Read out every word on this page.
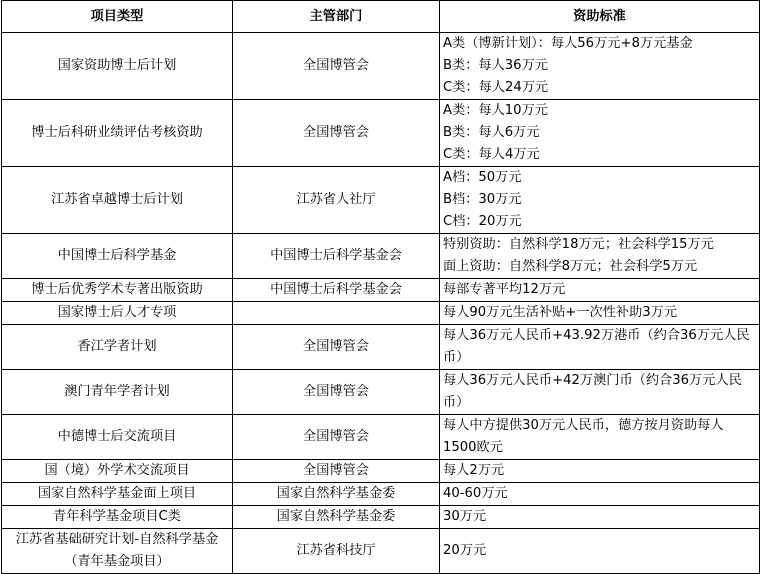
项目类型	主管部门	资助标准
国家资助博士后计划	全国博管会	A类（博新计划）：每人56万元+8万元基金
B类：每人36万元
C类：每人24万元

博士后科研业绩评估考核资助	全国博管会	A类：每人10万元
B类：每人6万元
C类：每人4万元

江苏省卓越博士后计划	江苏省人社厅	A档：50万元
B档：30万元
C档：20万元

中国博士后科学基金	中国博士后科学基金会	特别资助：自然科学18万元；社会科学15万元
面上资助：自然科学8万元；社会科学5万元

博士后优秀学术专著出版资助	中国博士后科学基金会	每部专著平均12万元

国家博士后人才专项		每人90万元生活补贴+一次性补助3万元

香江学者计划	全国博管会	每人36万元人民币+43.92万港币（约合36万元人民币）
澳门青年学者计划	全国博管会	每人36万元人民币+42万澳门币（约合36万元人民币）
中德博士后交流项目	全国博管会	每人中方提供30万元人民币，德方按月资助每人1500欧元
国（境）外学术交流项目	全国博管会	每人2万元

国家自然科学基金面上项目	国家自然科学基金委	40-60万元

青年科学基金项目C类	国家自然科学基金委	30万元

江苏省基础研究计划-自然科学基金（青年基金项目）	江苏省科技厅	20万元
